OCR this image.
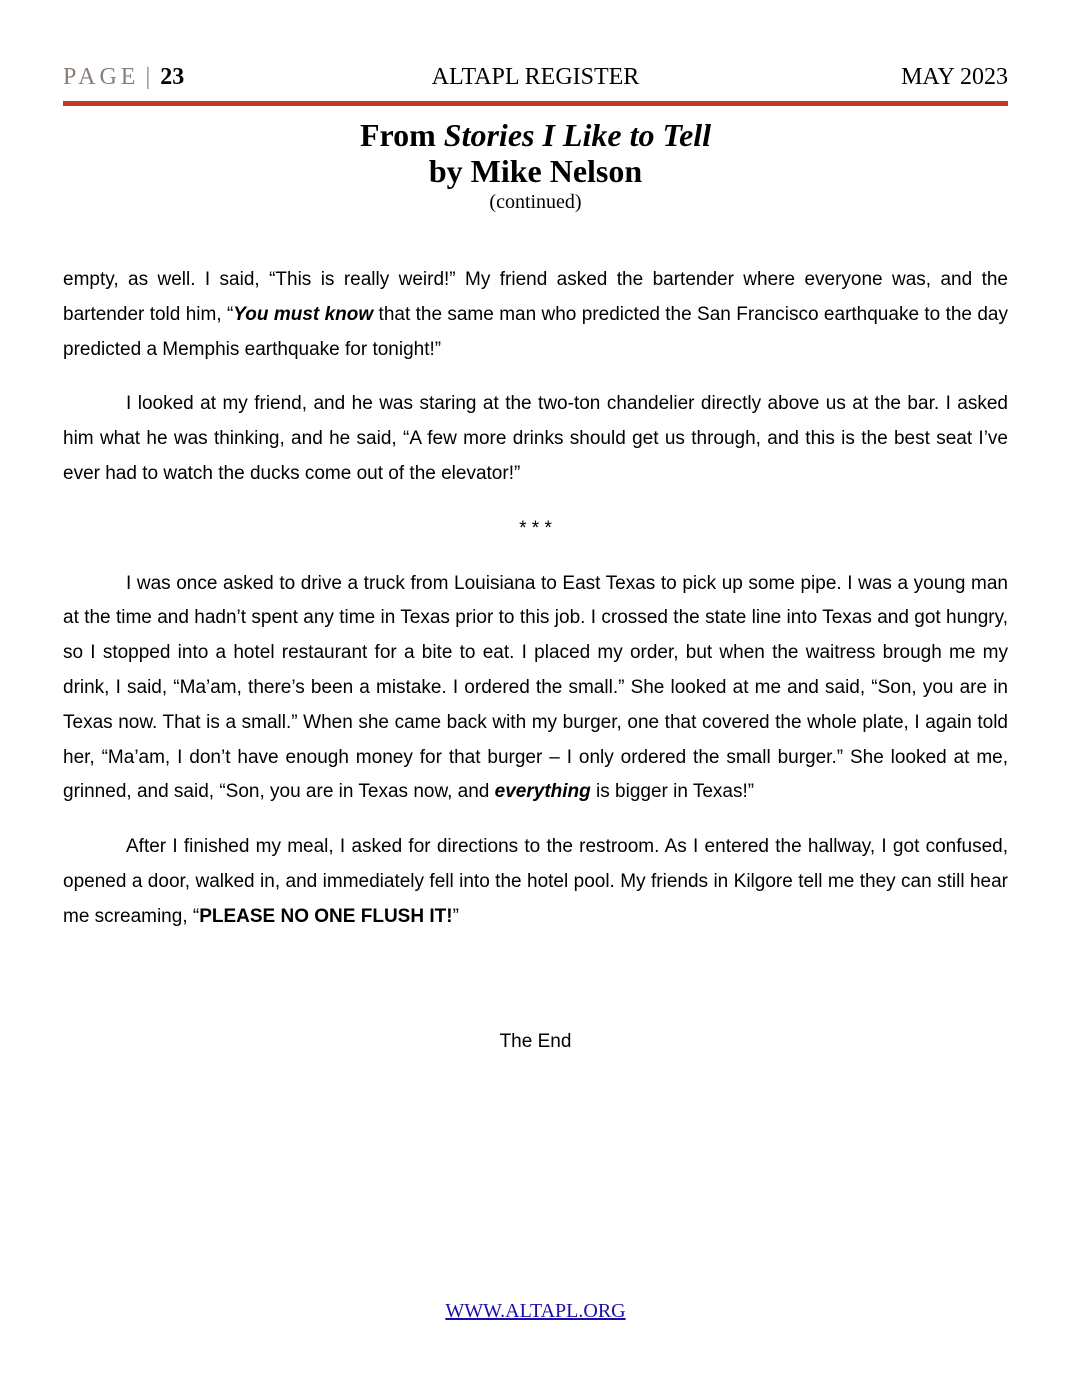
PAGE | 23	ALTAPL REGISTER	MAY 2023
From Stories I Like to Tell
by Mike Nelson
(continued)

empty, as well. I said, “This is really weird!” My friend asked the bartender where everyone was, and the bartender told him, “You must know that the same man who predicted the San Francisco earthquake to the day predicted a Memphis earthquake for tonight!”

I looked at my friend, and he was staring at the two-ton chandelier directly above us at the bar. I asked him what he was thinking, and he said, “A few more drinks should get us through, and this is the best seat I’ve ever had to watch the ducks come out of the elevator!”

* * *

I was once asked to drive a truck from Louisiana to East Texas to pick up some pipe. I was a young man at the time and hadn’t spent any time in Texas prior to this job. I crossed the state line into Texas and got hungry, so I stopped into a hotel restaurant for a bite to eat. I placed my order, but when the waitress brough me my drink, I said, “Ma’am, there’s been a mistake. I ordered the small.” She looked at me and said, “Son, you are in Texas now. That is a small.” When she came back with my burger, one that covered the whole plate, I again told her, “Ma’am, I don’t have enough money for that burger – I only ordered the small burger.” She looked at me, grinned, and said, “Son, you are in Texas now, and everything is bigger in Texas!”

After I finished my meal, I asked for directions to the restroom. As I entered the hallway, I got confused, opened a door, walked in, and immediately fell into the hotel pool. My friends in Kilgore tell me they can still hear me screaming, “PLEASE NO ONE FLUSH IT!”

The End
WWW.ALTAPL.ORG
